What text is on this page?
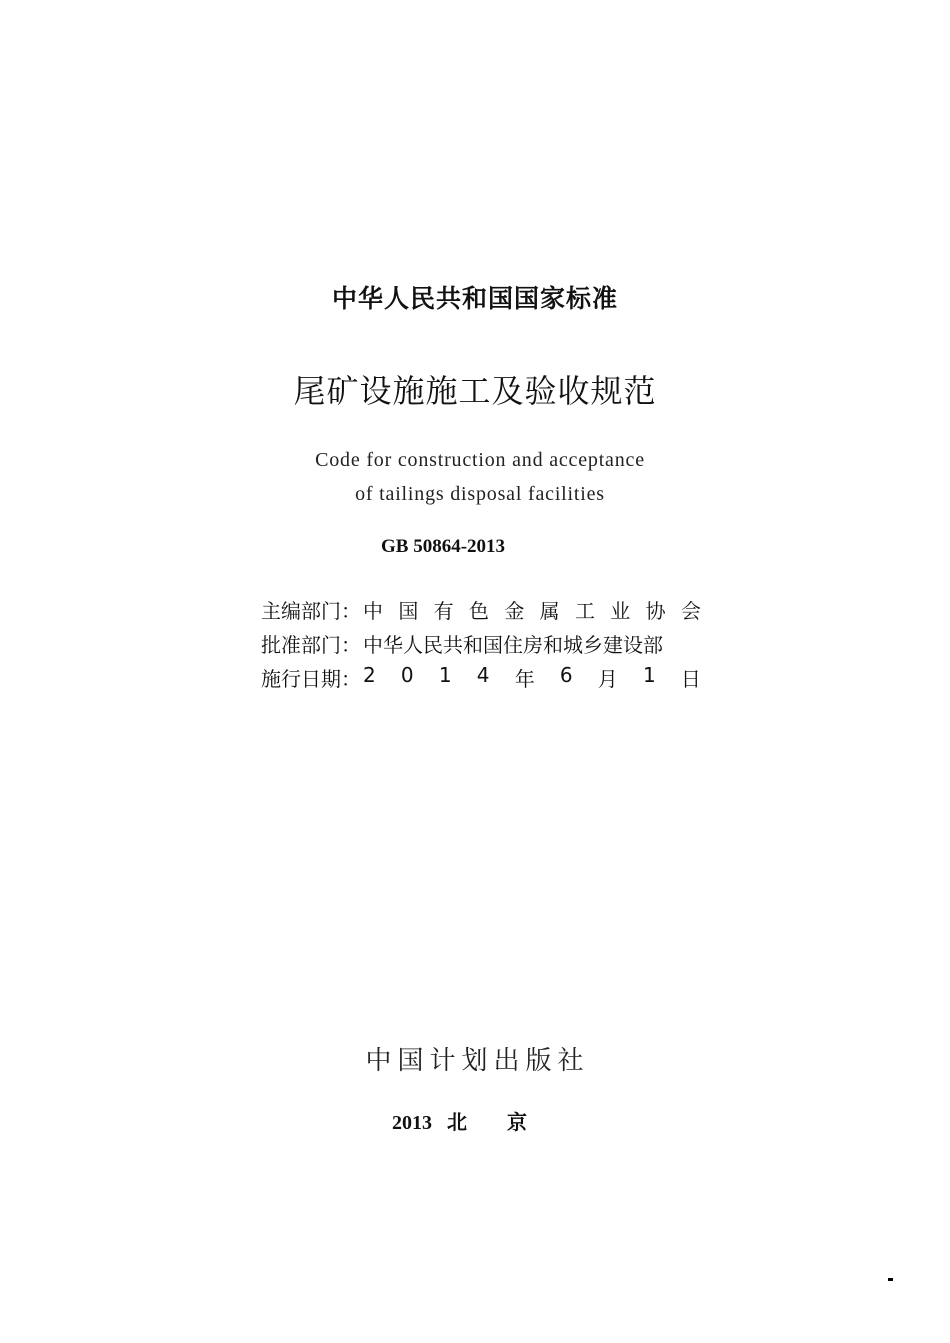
中华人民共和国国家标准
尾矿设施施工及验收规范
Code for construction and acceptance
of tailings disposal facilities
GB 50864-2013
主编部门： 中 国 有 色 金 属 工 业 协 会
批准部门： 中华人民共和国住房和城乡建设部
施行日期： 2 0 1 4 年 6 月 1 日
中国计划出版社
2013 北　　京
